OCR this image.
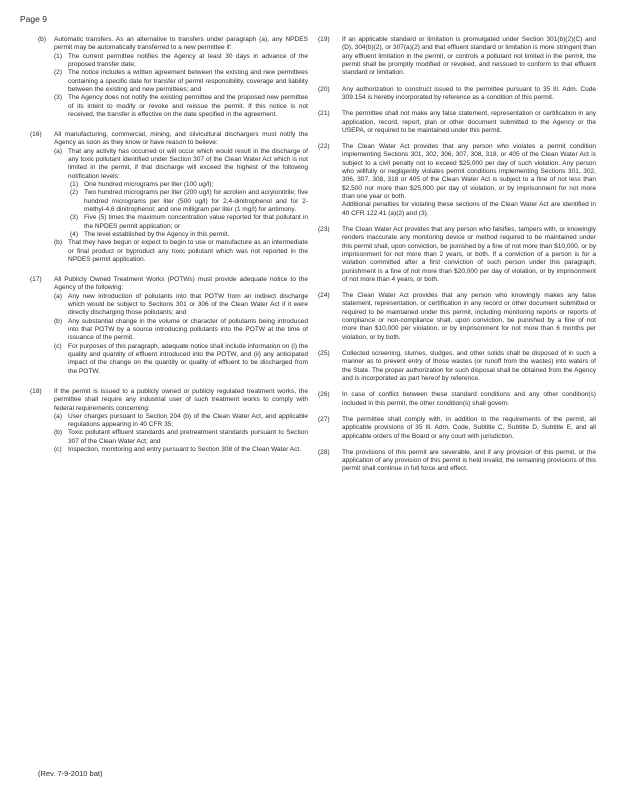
Page 9
(b)	Automatic transfers. As an alternative to transfers under paragraph (a), any NPDES permit may be automatically transferred to a new permittee if:

(1) The current permittee notifies the Agency at least 30 days in advance of the proposed transfer date;
(2) The notice includes a written agreement between the existing and new permittees containing a specific date for transfer of permit responsibility, coverage and liability between the existing and new permittees; and
(3) The Agency does not notify the existing permittee and the proposed new permittee of its intent to modify or revoke and reissue the permit. If this notice is not received, the transfer is effective on the date specified in the agreement.
(16)	All manufacturing, commercial, mining, and silvicultural dischargers must notify the Agency as soon as they know or have reason to believe:

(a) That any activity has occurred or will occur which would result in the discharge of any toxic pollutant identified under Section 307 of the Clean Water Act which is not limited in the permit, if that discharge will exceed the highest of the following notification levels:

(1) One hundred micrograms per liter (100 ug/l);
(2) Two hundred micrograms per liter (200 ug/l) for acrolein and acrylonitrile; five hundred micrograms per liter (500 ug/l) for 2,4-dinitrophenol and for 2-methyl-4,6 dinitrophenol; and one milligram per liter (1 mg/l) for antimony.
(3) Five (5) times the maximum concentration value reported for that pollutant in the NPDES permit application; or
(4) The level established by the Agency in this permit.
(b) That they have begun or expect to begin to use or manufacture as an intermediate or final product or byproduct any toxic pollutant which was not reported in the NPDES permit application.
(17)	All Publicly Owned Treatment Works (POTWs) must provide adequate notice to the Agency of the following:

(a) Any new introduction of pollutants into that POTW from an indirect discharge which would be subject to Sections 301 or 306 of the Clean Water Act if it were directly discharging those pollutants; and
(b) Any substantial change in the volume or character of pollutants being introduced into that POTW by a source introducing pollutants into the POTW at the time of issuance of the permit.
(c) For purposes of this paragraph, adequate notice shall include information on (i) the quality and quantity of effluent introduced into the POTW, and (ii) any anticipated impact of the change on the quantity or quality of effluent to be discharged from the POTW.
(18)	If the permit is issued to a publicly owned or publicly regulated treatment works, the permittee shall require any industrial user of such treatment works to comply with federal requirements concerning:

(a) User charges pursuant to Section 204 (b) of the Clean Water Act, and applicable regulations appearing in 40 CFR 35;
(b) Toxic pollutant effluent standards and pretreatment standards pursuant to Section 307 of the Clean Water Act; and
(c) Inspection, monitoring and entry pursuant to Section 308 of the Clean Water Act.
(19)	If an applicable standard or limitation is promulgated under Section 301(b)(2)(C) and (D), 304(b)(2), or 307(a)(2) and that effluent standard or limitation is more stringent than any effluent limitation in the permit, or controls a pollutant not limited in the permit, the permit shall be promptly modified or revoked, and reissued to conform to that effluent standard or limitation.

(20)	Any authorization to construct issued to the permittee pursuant to 35 Ill. Adm. Code 309.154 is hereby incorporated by reference as a condition of this permit.

(21)	The permittee shall not make any false statement, representation or certification in any application, record, report, plan or other document submitted to the Agency or the USEPA, or required to be maintained under this permit.

(22)	The Clean Water Act provides that any person who violates a permit condition implementing Sections 301, 302, 306, 307, 308, 318, or 405 of the Clean Water Act is subject to a civil penalty not to exceed $25,000 per day of such violation. Any person who willfully or negligently violates permit conditions implementing Sections 301, 302, 306, 307, 308, 318 or 405 of the Clean Water Act is subject to a fine of not less than $2,500 nor more than $25,000 per day of violation, or by imprisonment for not more than one year or both.

Additional penalties for violating these sections of the Clean Water Act are identified in 40 CFR 122.41 (a)(2) and (3).

(23)	The Clean Water Act provides that any person who falsifies, tampers with, or knowingly renders inaccurate any monitoring device or method required to be maintained under this permit shall, upon conviction, be punished by a fine of not more than $10,000, or by imprisonment for not more than 2 years, or both. If a conviction of a person is for a violation committed after a first conviction of such person under this paragraph, punishment is a fine of not more than $20,000 per day of violation, or by imprisonment of not more than 4 years, or both.

(24)	The Clean Water Act provides that any person who knowingly makes any false statement, representation, or certification in any record or other document submitted or required to be maintained under this permit, including monitoring reports or reports of compliance or non-compliance shall, upon conviction, be punished by a fine of not more than $10,000 per violation, or by imprisonment for not more than 6 months per violation, or by both.

(25)	Collected screening, slurries, sludges, and other solids shall be disposed of in such a manner as to prevent entry of those wastes (or runoff from the wastes) into waters of the State. The proper authorization for such disposal shall be obtained from the Agency and is incorporated as part hereof by reference.

(26)	In case of conflict between these standard conditions and any other condition(s) included in this permit, the other condition(s) shall govern.

(27)	The permittee shall comply with, in addition to the requirements of the permit, all applicable provisions of 35 Ill. Adm. Code, Subtitle C, Subtitle D, Subtitle E, and all applicable orders of the Board or any court with jurisdiction.

(28)	The provisions of this permit are severable, and if any provision of this permit, or the application of any provision of this permit is held invalid, the remaining provisions of this permit shall continue in full force and effect.

(Rev. 7-9-2010 bat)
